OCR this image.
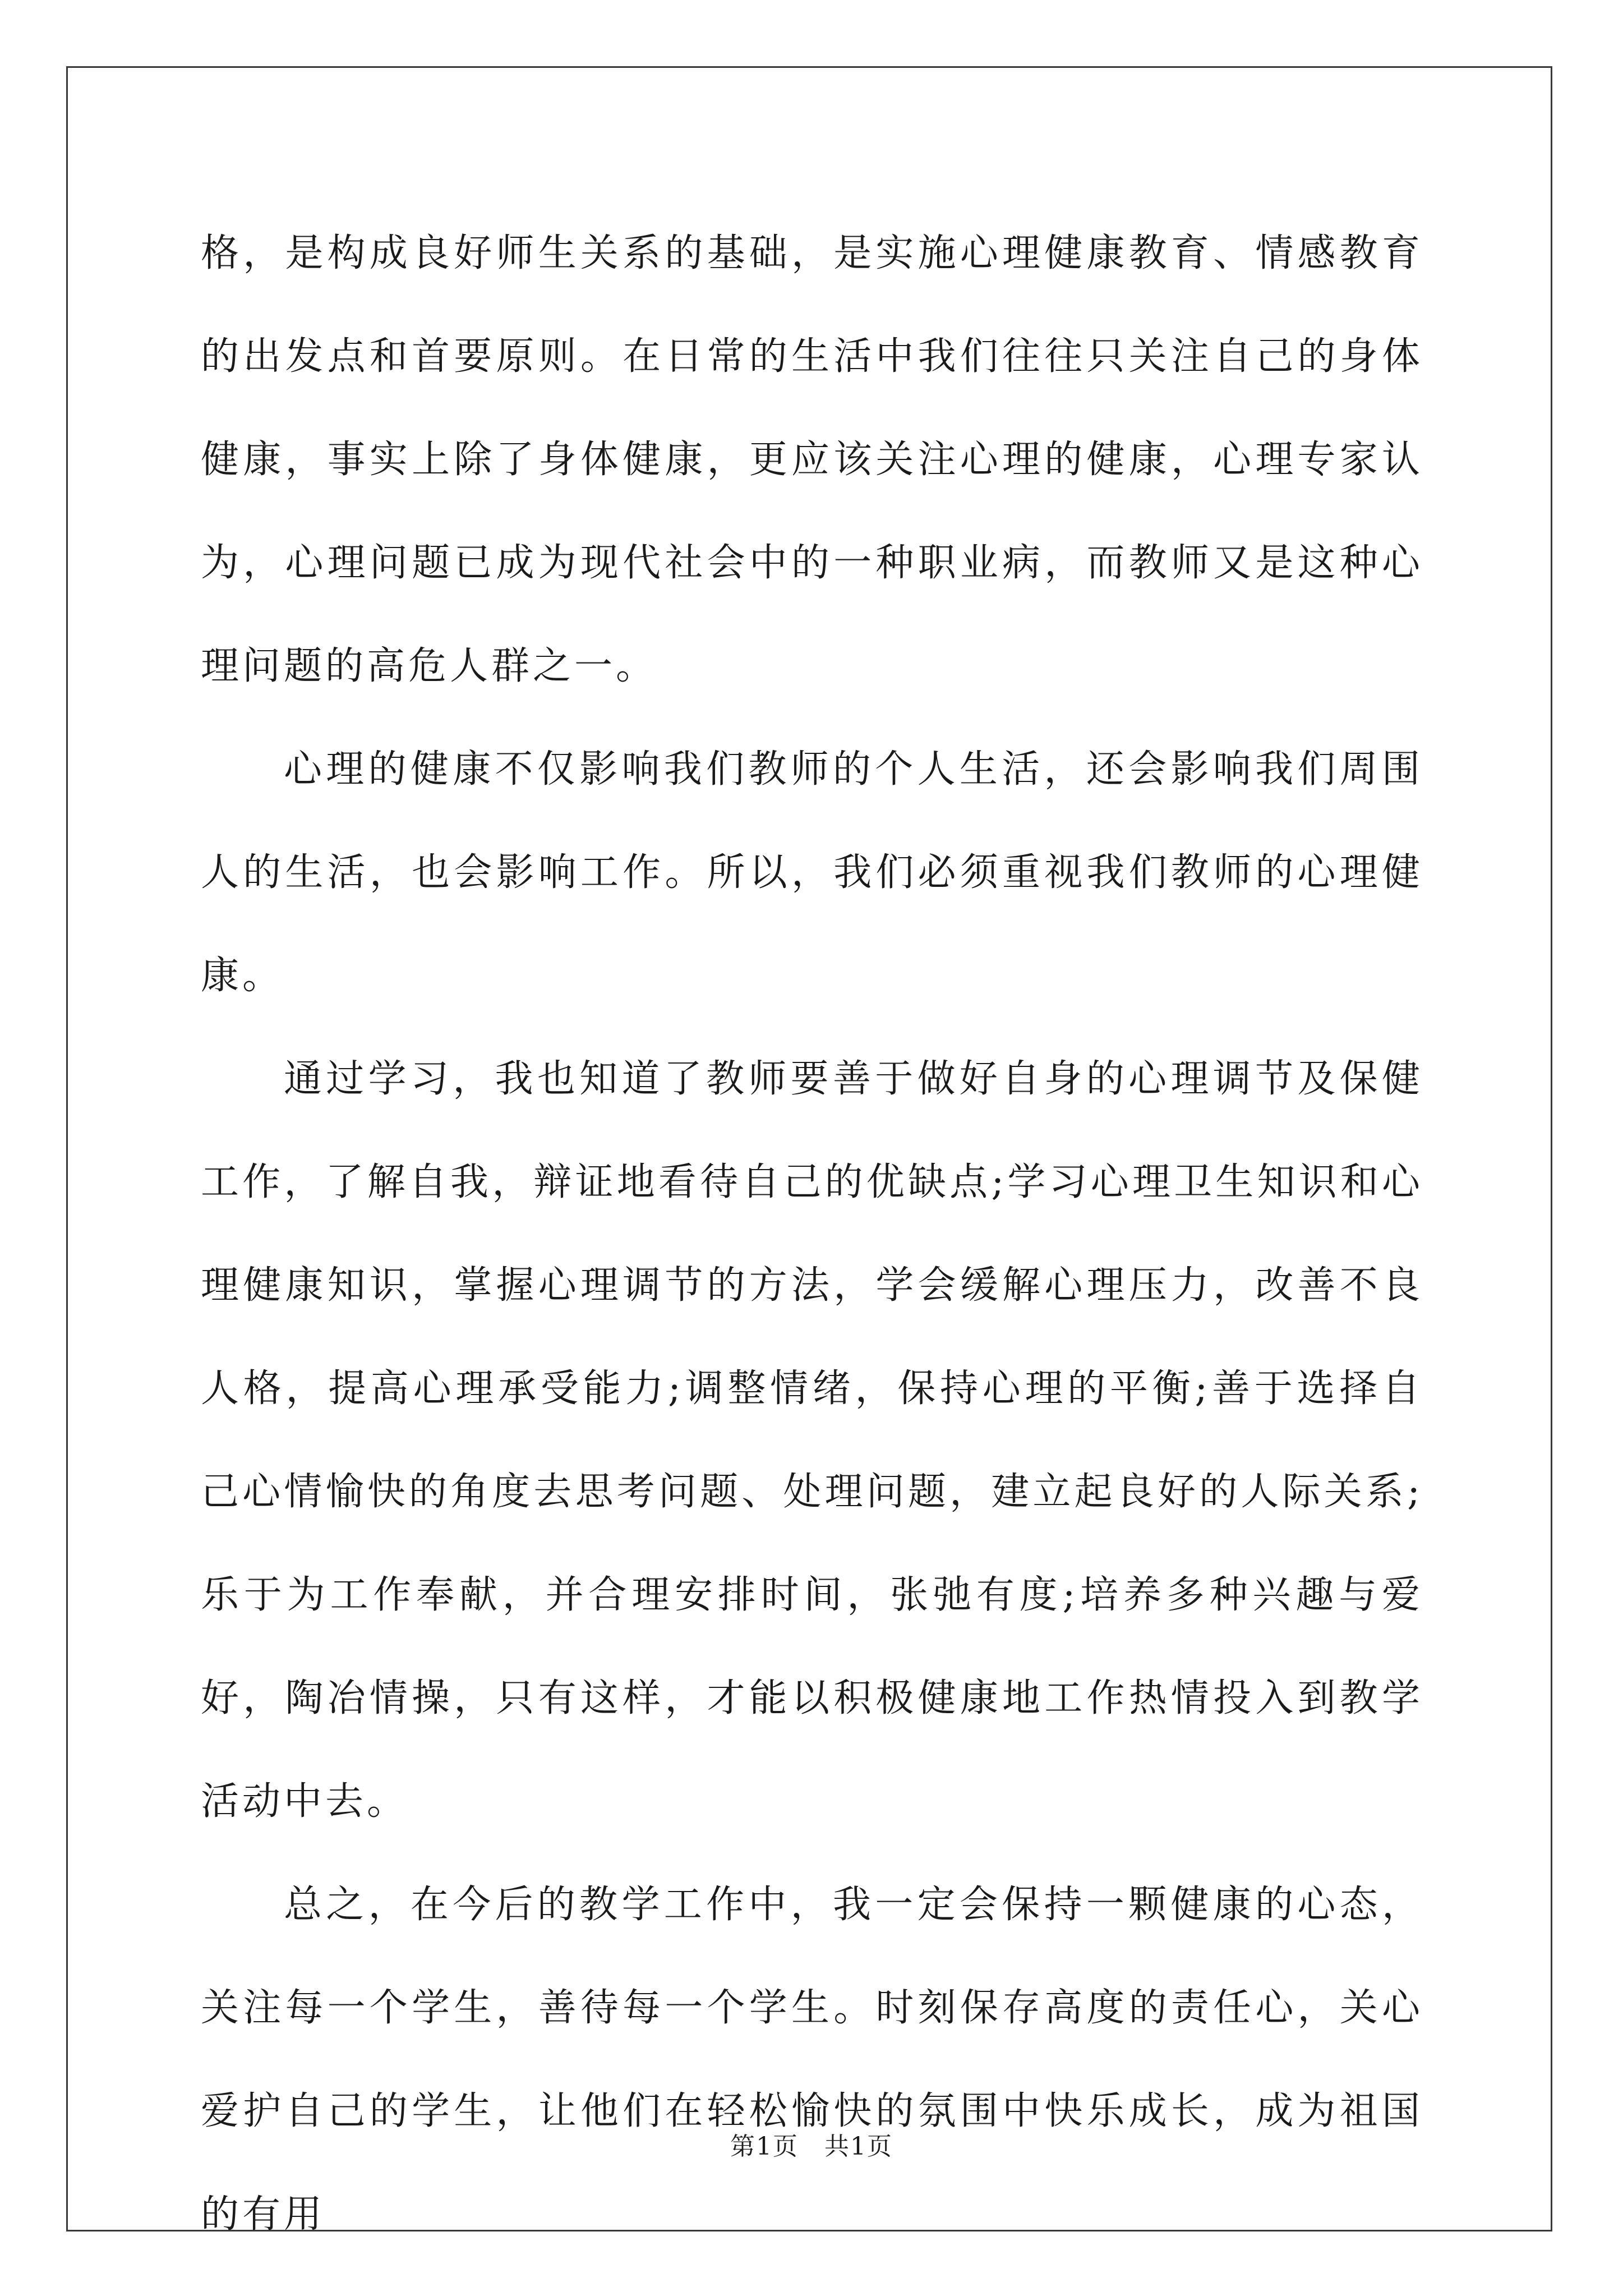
格，是构成良好师生关系的基础，是实施心理健康教育、情感教育的出发点和首要原则。在日常的生活中我们往往只关注自己的身体健康，事实上除了身体健康，更应该关注心理的健康，心理专家认为，心理问题已成为现代社会中的一种职业病，而教师又是这种心理问题的高危人群之一。

心理的健康不仅影响我们教师的个人生活，还会影响我们周围人的生活，也会影响工作。所以，我们必须重视我们教师的心理健康。

通过学习，我也知道了教师要善于做好自身的心理调节及保健工作，了解自我，辩证地看待自己的优缺点;学习心理卫生知识和心理健康知识，掌握心理调节的方法，学会缓解心理压力，改善不良人格，提高心理承受能力;调整情绪，保持心理的平衡;善于选择自己心情愉快的角度去思考问题、处理问题，建立起良好的人际关系;乐于为工作奉献，并合理安排时间，张弛有度;培养多种兴趣与爱好，陶冶情操，只有这样，才能以积极健康地工作热情投入到教学活动中去。

总之，在今后的教学工作中，我一定会保持一颗健康的心态，关注每一个学生，善待每一个学生。时刻保存高度的责任心，关心爱护自己的学生，让他们在轻松愉快的氛围中快乐成长，成为祖国的有用

第1页　共1页
